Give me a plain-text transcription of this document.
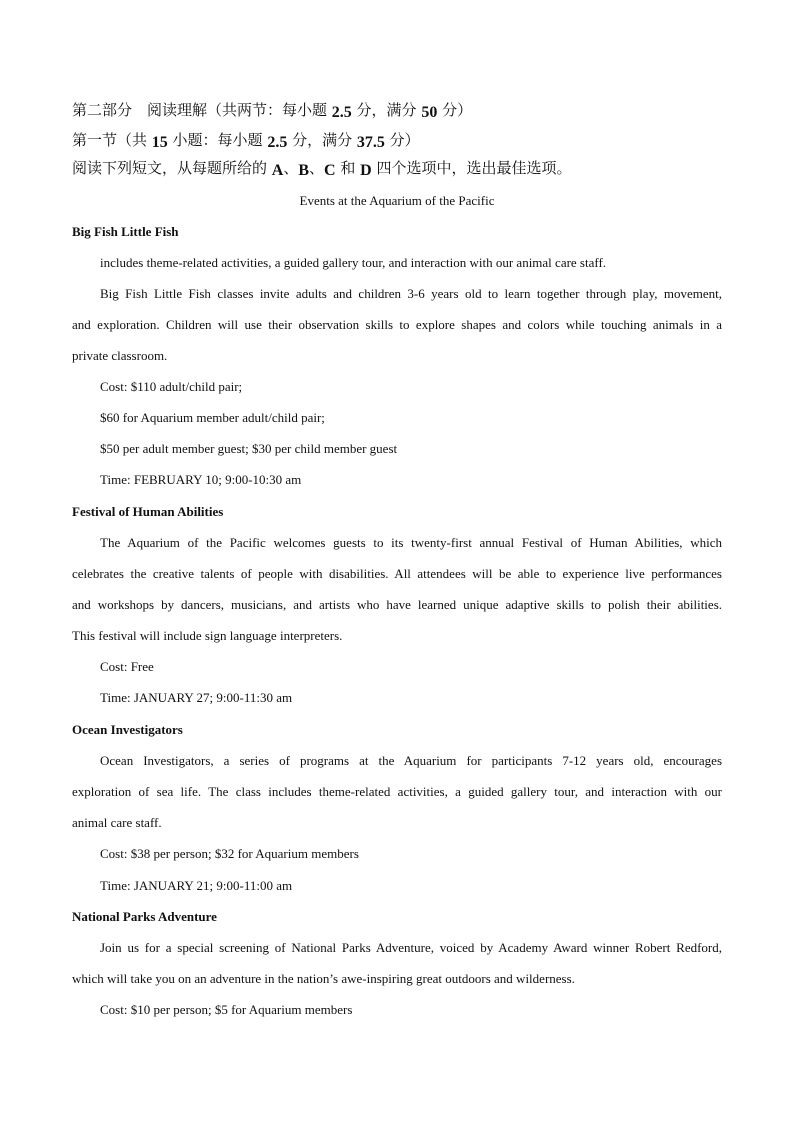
第二部分　阅读理解（共两节：每小题 2.5 分，满分 50 分）
第一节（共 15 小题：每小题 2.5 分，满分 37.5 分）
阅读下列短文，从每题所给的 A、B、C 和 D 四个选项中，选出最佳选项。
Events at the Aquarium of the Pacific
Big Fish Little Fish
includes theme-related activities, a guided gallery tour, and interaction with our animal care staff.
Big Fish Little Fish classes invite adults and children 3-6 years old to learn together through play, movement,
and exploration. Children will use their observation skills to explore shapes and colors while touching animals in a
private classroom.
Cost: $110 adult/child pair;
$60 for Aquarium member adult/child pair;
$50 per adult member guest; $30 per child member guest
Time: FEBRUARY 10; 9:00-10:30 am
Festival of Human Abilities
The Aquarium of the Pacific welcomes guests to its twenty-first annual Festival of Human Abilities, which
celebrates the creative talents of people with disabilities. All attendees will be able to experience live performances
and workshops by dancers, musicians, and artists who have learned unique adaptive skills to polish their abilities.
This festival will include sign language interpreters.
Cost: Free
Time: JANUARY 27; 9:00-11:30 am
Ocean Investigators
Ocean Investigators, a series of programs at the Aquarium for participants 7-12 years old, encourages
exploration of sea life. The class includes theme-related activities, a guided gallery tour, and interaction with our
animal care staff.
Cost: $38 per person; $32 for Aquarium members
Time: JANUARY 21; 9:00-11:00 am
National Parks Adventure
Join us for a special screening of National Parks Adventure, voiced by Academy Award winner Robert Redford,
which will take you on an adventure in the nation’s awe-inspiring great outdoors and wilderness.
Cost: $10 per person; $5 for Aquarium members
